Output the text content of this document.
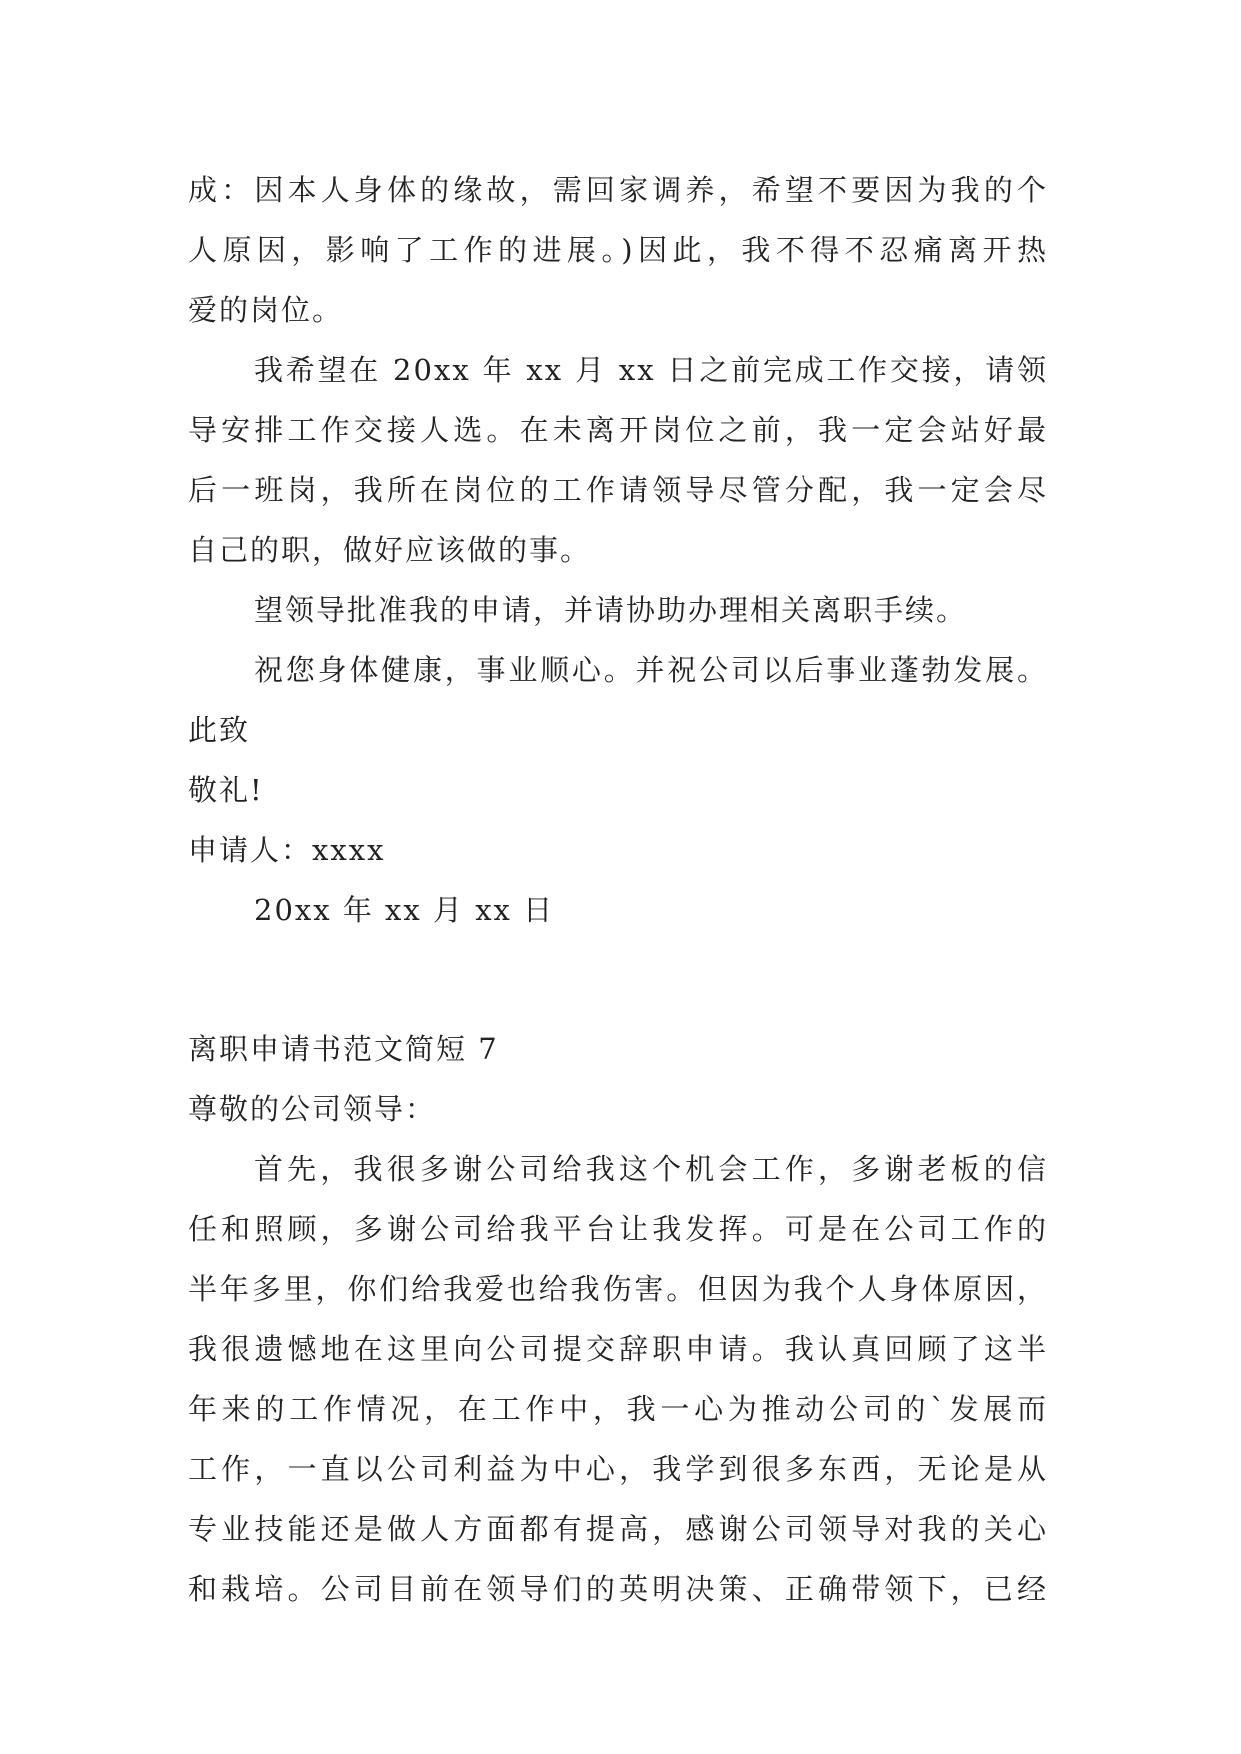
成：因本人身体的缘故，需回家调养，希望不要因为我的个
人原因，影响了工作的进展。)因此，我不得不忍痛离开热
爱的岗位。
我希望在 20xx 年 xx 月 xx 日之前完成工作交接，请领
导安排工作交接人选。在未离开岗位之前，我一定会站好最
后一班岗，我所在岗位的工作请领导尽管分配，我一定会尽
自己的职，做好应该做的事。
望领导批准我的申请，并请协助办理相关离职手续。
祝您身体健康，事业顺心。并祝公司以后事业蓬勃发展。
此致
敬礼!
申请人：xxxx
20xx 年 xx 月 xx 日
离职申请书范文简短 7
尊敬的公司领导：
首先，我很多谢公司给我这个机会工作，多谢老板的信
任和照顾，多谢公司给我平台让我发挥。可是在公司工作的
半年多里，你们给我爱也给我伤害。但因为我个人身体原因，
我很遗憾地在这里向公司提交辞职申请。我认真回顾了这半
年来的工作情况，在工作中，我一心为推动公司的`发展而
工作，一直以公司利益为中心，我学到很多东西，无论是从
专业技能还是做人方面都有提高，感谢公司领导对我的关心
和栽培。公司目前在领导们的英明决策、正确带领下，已经
